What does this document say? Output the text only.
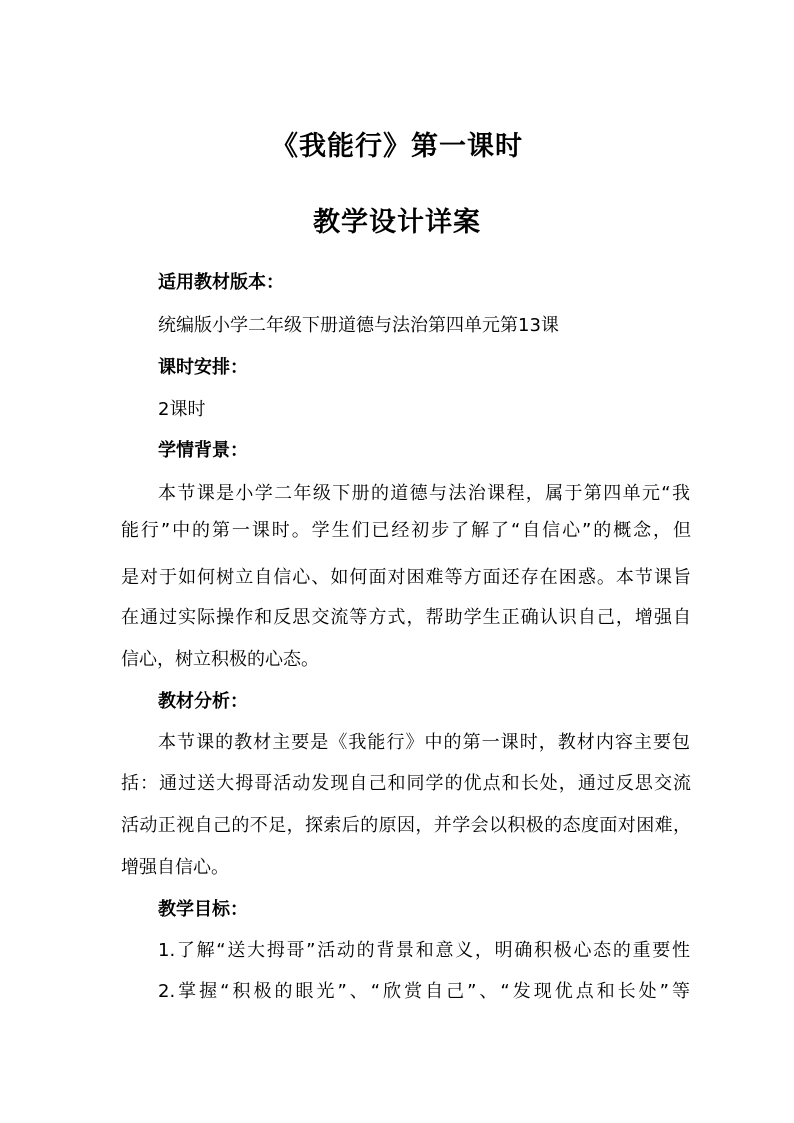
《我能行》第一课时
教学设计详案
适用教材版本：
统编版小学二年级下册道德与法治第四单元第13课
课时安排：
2课时
学情背景：
本节课是小学二年级下册的道德与法治课程，属于第四单元“我
能行”中的第一课时。学生们已经初步了解了“自信心”的概念，但
是对于如何树立自信心、如何面对困难等方面还存在困惑。本节课旨
在通过实际操作和反思交流等方式，帮助学生正确认识自己，增强自
信心，树立积极的心态。
教材分析：
本节课的教材主要是《我能行》中的第一课时，教材内容主要包
括：通过送大拇哥活动发现自己和同学的优点和长处，通过反思交流
活动正视自己的不足，探索后的原因，并学会以积极的态度面对困难，
增强自信心。
教学目标：
1.了解“送大拇哥”活动的背景和意义，明确积极心态的重要性
2.掌握“积极的眼光”、“欣赏自己”、“发现优点和长处”等
